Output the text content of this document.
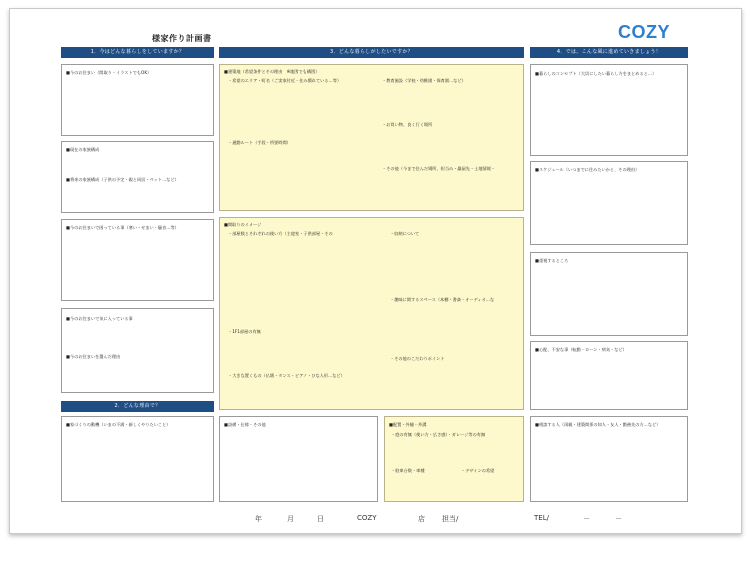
様家作り計画書	COZY
1．今はどんな暮らしをしていますか？	3．どんな暮らしがしたいですか？	4．では、こんな風に進めていきましょう！
■今のお住まい（間取り・イラストでもOK）
■現在の家族構成
■将来の家族構成（子供の予定・親と同居・ペット…など）
■今のお住まいで困っている事（寒い・せまい・騒音…等）
■今のお住まいで気に入っている事
■今のお住まいを選んだ理由
2．どんな理由で？
■家づくりの動機（いまの不満・新しくやりたいこと）
■建築地（希望条件とその理由　※地図でも構図）
・希望のエリア・町名（ご実家付近・住み慣れている…等）	・教育施設（学校・幼稚園・保育園…など）
・お買い物、良く行く場所
・通勤ルート（手段・所要時間）
・その他（今まで住んだ場所、担当み・贔屓先・土地情報・
■間取りのイメージ
・部屋数とそれぞれの使い方（主寝室・子供部屋・その	・収納について
・趣味に関するスペース（本棚・書斎・オーディオ…な
・1F1部屋の有無
・その他のこだわりポイント
・大きな置くもの（仏壇・タンス・ピアノ・ひな人形…など）
■設備・仕様・その他	■配置・外観・外溝
・庭の有無（使い方・広さ感）・ガレージ等の有無
・駐車台数・車種	・デザインの希望
■暮らしのコンセプト（大切にしたい暮らし方をまとめると…）
■スケジュール（いつまでに住みたいかと、その理由）
■重視するところ
■心配、不安な事（転勤・ローン・病気・など）
■相談する人（両親・建築関係の知人・友人・勤務先の方…など）
年	月	日	COZY	店 担当/	TEL/	－	－
